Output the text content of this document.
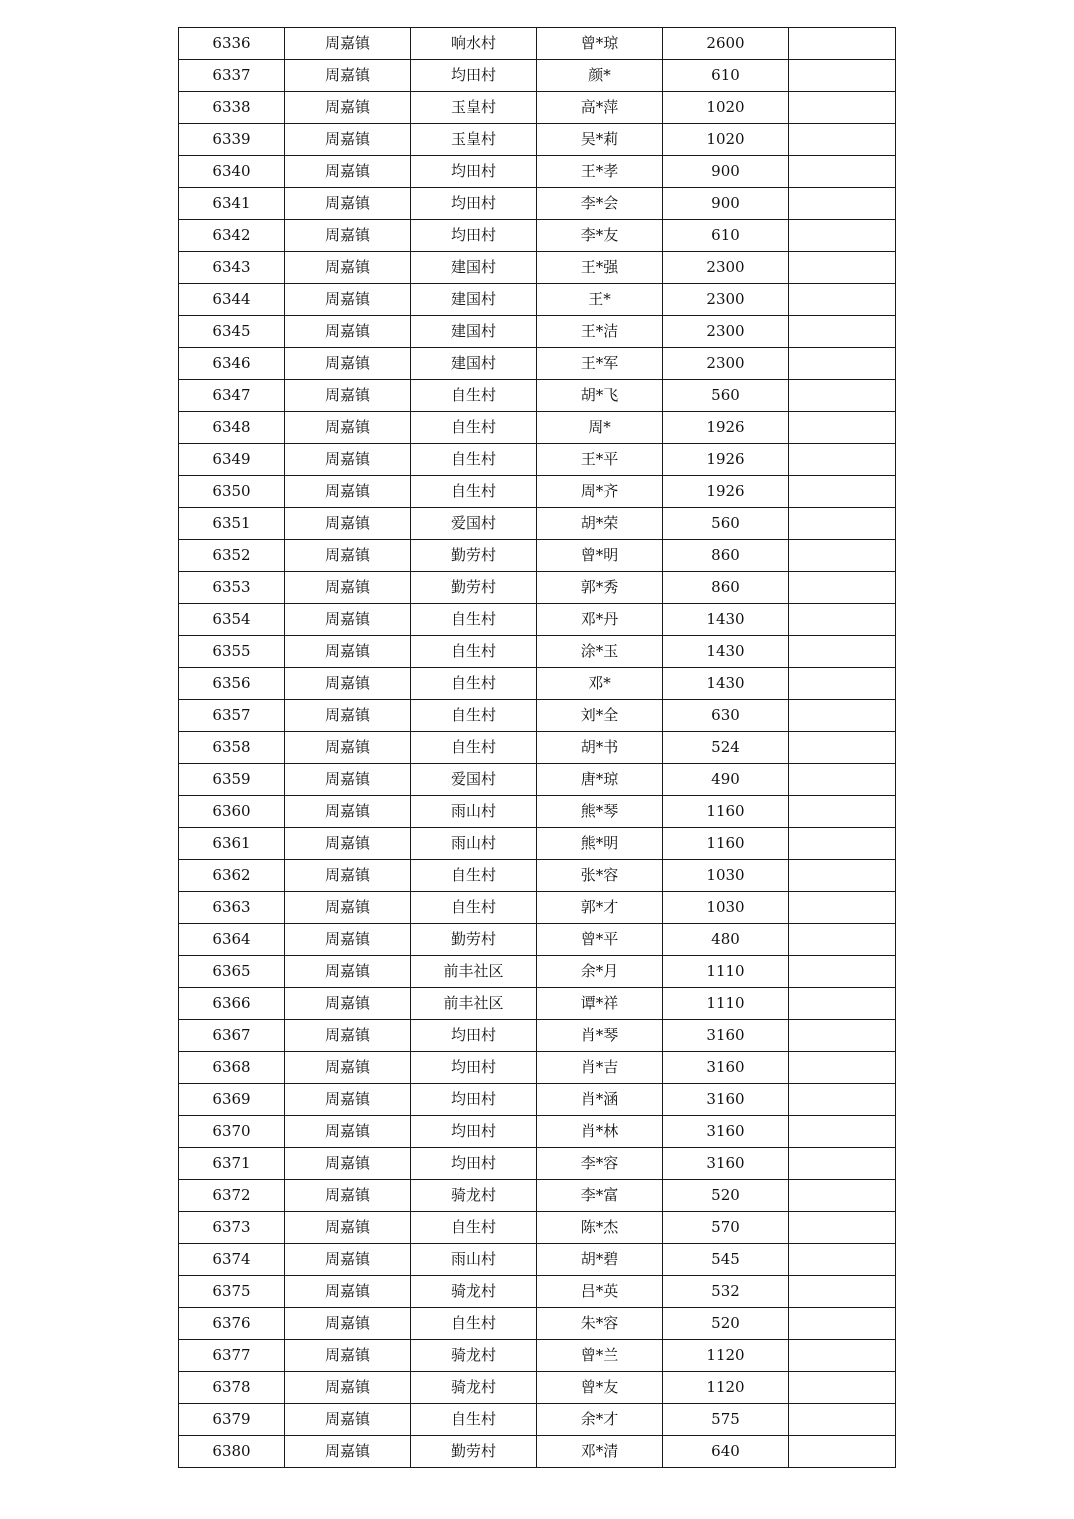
6336	周嘉镇	响水村	曾*琼	2600	
6337	周嘉镇	均田村	颜*	610	
6338	周嘉镇	玉皇村	高*萍	1020	
6339	周嘉镇	玉皇村	吴*莉	1020	
6340	周嘉镇	均田村	王*孝	900	
6341	周嘉镇	均田村	李*会	900	
6342	周嘉镇	均田村	李*友	610	
6343	周嘉镇	建国村	王*强	2300	
6344	周嘉镇	建国村	王*	2300	
6345	周嘉镇	建国村	王*洁	2300	
6346	周嘉镇	建国村	王*军	2300	
6347	周嘉镇	自生村	胡*飞	560	
6348	周嘉镇	自生村	周*	1926	
6349	周嘉镇	自生村	王*平	1926	
6350	周嘉镇	自生村	周*齐	1926	
6351	周嘉镇	爱国村	胡*荣	560	
6352	周嘉镇	勤劳村	曾*明	860	
6353	周嘉镇	勤劳村	郭*秀	860	
6354	周嘉镇	自生村	邓*丹	1430	
6355	周嘉镇	自生村	涂*玉	1430	
6356	周嘉镇	自生村	邓*	1430	
6357	周嘉镇	自生村	刘*全	630	
6358	周嘉镇	自生村	胡*书	524	
6359	周嘉镇	爱国村	唐*琼	490	
6360	周嘉镇	雨山村	熊*琴	1160	
6361	周嘉镇	雨山村	熊*明	1160	
6362	周嘉镇	自生村	张*容	1030	
6363	周嘉镇	自生村	郭*才	1030	
6364	周嘉镇	勤劳村	曾*平	480	
6365	周嘉镇	前丰社区	余*月	1110	
6366	周嘉镇	前丰社区	谭*祥	1110	
6367	周嘉镇	均田村	肖*琴	3160	
6368	周嘉镇	均田村	肖*吉	3160	
6369	周嘉镇	均田村	肖*涵	3160	
6370	周嘉镇	均田村	肖*林	3160	
6371	周嘉镇	均田村	李*容	3160	
6372	周嘉镇	骑龙村	李*富	520	
6373	周嘉镇	自生村	陈*杰	570	
6374	周嘉镇	雨山村	胡*碧	545	
6375	周嘉镇	骑龙村	吕*英	532	
6376	周嘉镇	自生村	朱*容	520	
6377	周嘉镇	骑龙村	曾*兰	1120	
6378	周嘉镇	骑龙村	曾*友	1120	
6379	周嘉镇	自生村	余*才	575	
6380	周嘉镇	勤劳村	邓*清	640	
